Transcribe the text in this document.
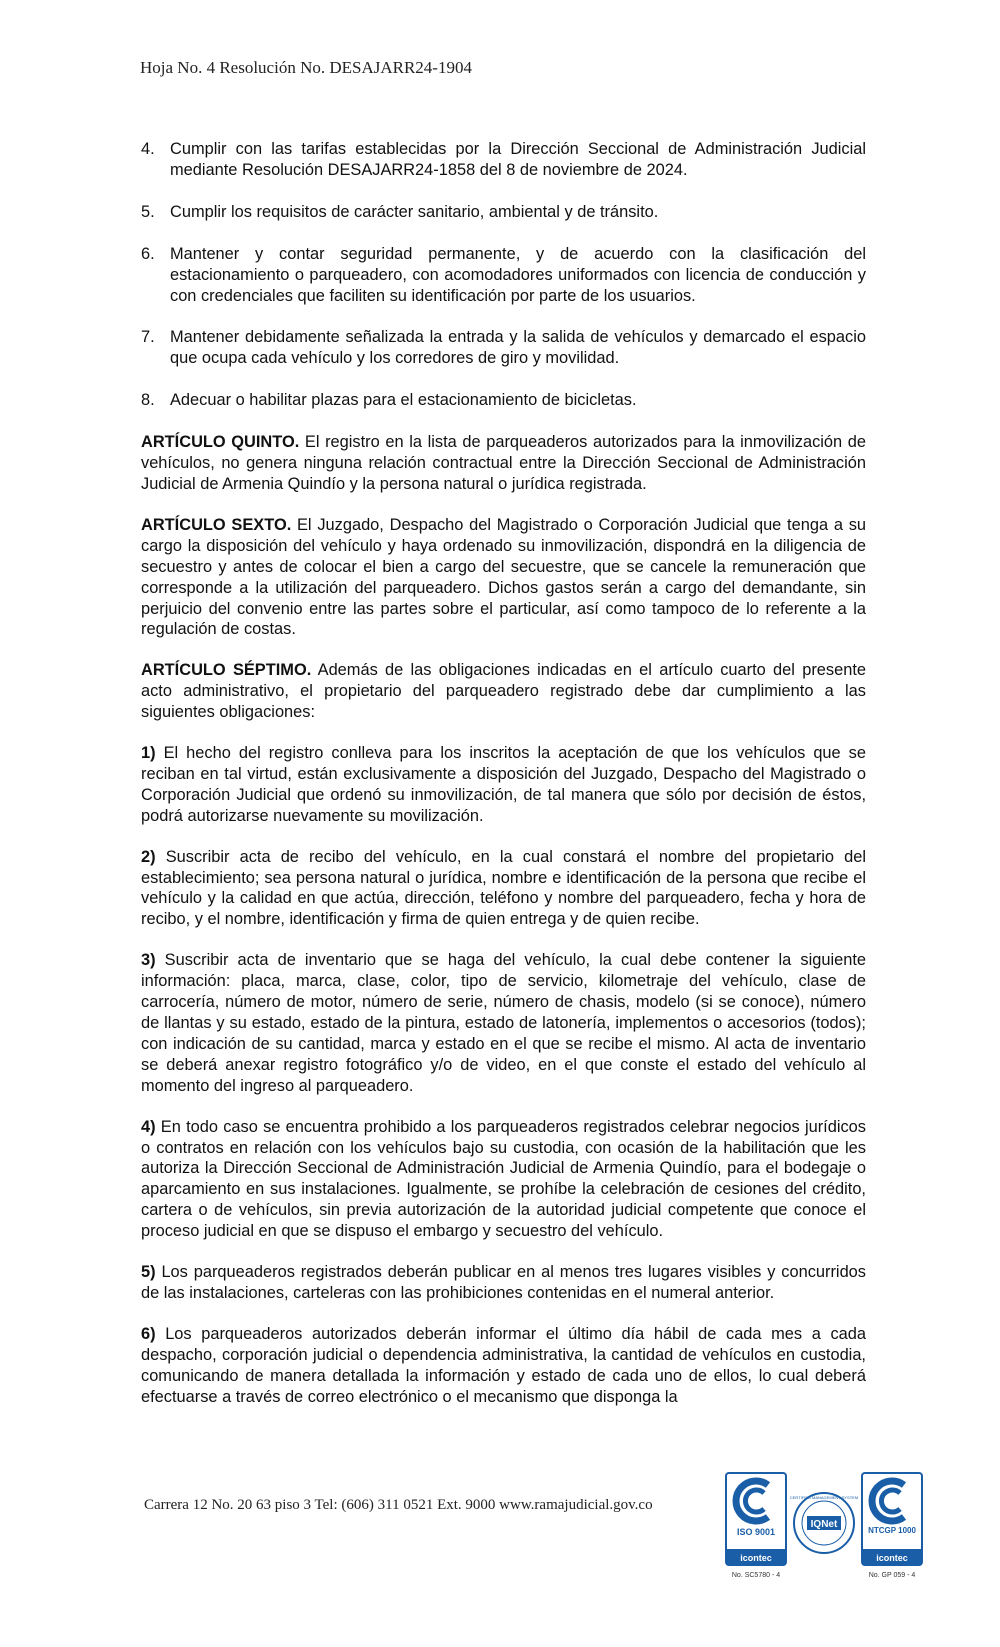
Hoja No. 4 Resolución No. DESAJARR24-1904
4. Cumplir con las tarifas establecidas por la Dirección Seccional de Administración Judicial mediante Resolución DESAJARR24-1858 del 8 de noviembre de 2024.
5. Cumplir los requisitos de carácter sanitario, ambiental y de tránsito.
6. Mantener y contar seguridad permanente, y de acuerdo con la clasificación del estacionamiento o parqueadero, con acomodadores uniformados con licencia de conducción y con credenciales que faciliten su identificación por parte de los usuarios.
7. Mantener debidamente señalizada la entrada y la salida de vehículos y demarcado el espacio que ocupa cada vehículo y los corredores de giro y movilidad.
8. Adecuar o habilitar plazas para el estacionamiento de bicicletas.

ARTÍCULO QUINTO. El registro en la lista de parqueaderos autorizados para la inmovilización de vehículos, no genera ninguna relación contractual entre la Dirección Seccional de Administración Judicial de Armenia Quindío y la persona natural o jurídica registrada.

ARTÍCULO SEXTO. El Juzgado, Despacho del Magistrado o Corporación Judicial que tenga a su cargo la disposición del vehículo y haya ordenado su inmovilización, dispondrá en la diligencia de secuestro y antes de colocar el bien a cargo del secuestre, que se cancele la remuneración que corresponde a la utilización del parqueadero. Dichos gastos serán a cargo del demandante, sin perjuicio del convenio entre las partes sobre el particular, así como tampoco de lo referente a la regulación de costas.

ARTÍCULO SÉPTIMO. Además de las obligaciones indicadas en el artículo cuarto del presente acto administrativo, el propietario del parqueadero registrado debe dar cumplimiento a las siguientes obligaciones:

1) El hecho del registro conlleva para los inscritos la aceptación de que los vehículos que se reciban en tal virtud, están exclusivamente a disposición del Juzgado, Despacho del Magistrado o Corporación Judicial que ordenó su inmovilización, de tal manera que sólo por decisión de éstos, podrá autorizarse nuevamente su movilización.

2) Suscribir acta de recibo del vehículo, en la cual constará el nombre del propietario del establecimiento; sea persona natural o jurídica, nombre e identificación de la persona que recibe el vehículo y la calidad en que actúa, dirección, teléfono y nombre del parqueadero, fecha y hora de recibo, y el nombre, identificación y firma de quien entrega y de quien recibe.

3) Suscribir acta de inventario que se haga del vehículo, la cual debe contener la siguiente información: placa, marca, clase, color, tipo de servicio, kilometraje del vehículo, clase de carrocería, número de motor, número de serie, número de chasis, modelo (si se conoce), número de llantas y su estado, estado de la pintura, estado de latonería, implementos o accesorios (todos); con indicación de su cantidad, marca y estado en el que se recibe el mismo. Al acta de inventario se deberá anexar registro fotográfico y/o de video, en el que conste el estado del vehículo al momento del ingreso al parqueadero.

4) En todo caso se encuentra prohibido a los parqueaderos registrados celebrar negocios jurídicos o contratos en relación con los vehículos bajo su custodia, con ocasión de la habilitación que les autoriza la Dirección Seccional de Administración Judicial de Armenia Quindío, para el bodegaje o aparcamiento en sus instalaciones. Igualmente, se prohíbe la celebración de cesiones del crédito, cartera o de vehículos, sin previa autorización de la autoridad judicial competente que conoce el proceso judicial en que se dispuso el embargo y secuestro del vehículo.

5) Los parqueaderos registrados deberán publicar en al menos tres lugares visibles y concurridos de las instalaciones, carteleras con las prohibiciones contenidas en el numeral anterior.

6) Los parqueaderos autorizados deberán informar el último día hábil de cada mes a cada despacho, corporación judicial o dependencia administrativa, la cantidad de vehículos en custodia, comunicando de manera detallada la información y estado de cada uno de ellos, lo cual deberá efectuarse a través de correo electrónico o el mecanismo que disponga la

Carrera 12 No. 20 63 piso 3 Tel: (606) 311 0521 Ext. 9000 www.ramajudicial.gov.co
ISO 9001
icontec
No. SC5780 - 4
IQNet
CERTIFIED MANAGEMENT SYSTEM
NTCGP 1000
icontec
No. GP 059 - 4
